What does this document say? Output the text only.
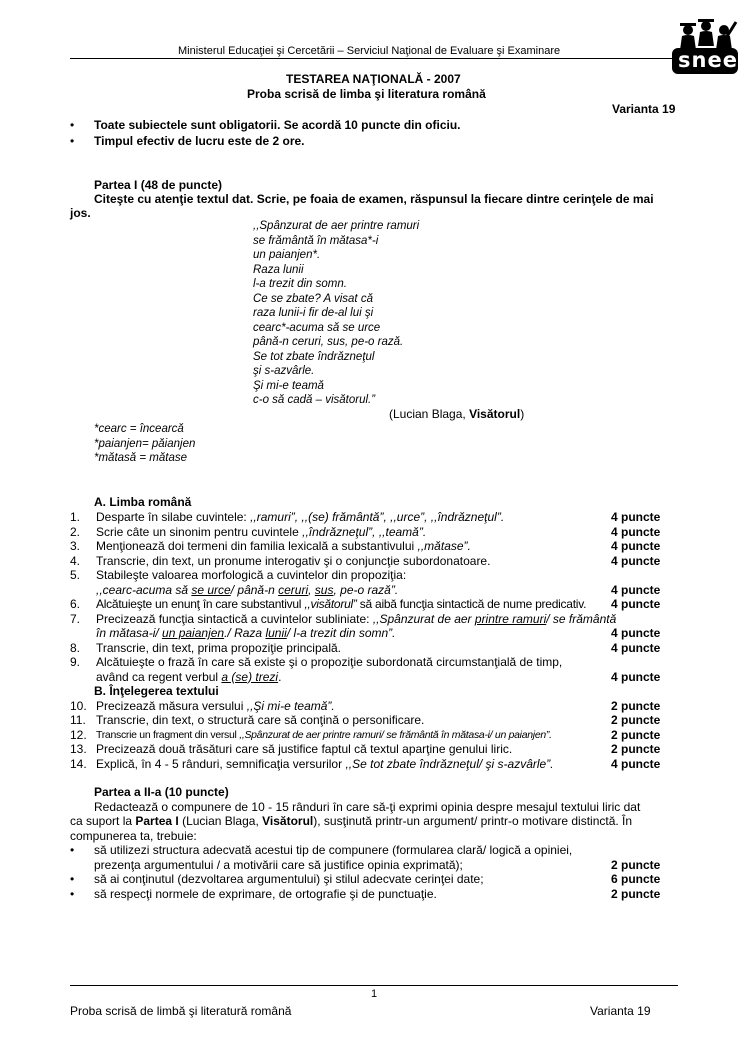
Ministerul Educaţiei şi Cercetării – Serviciul Naţional de Evaluare şi Examinare	snee
TESTAREA NAŢIONALĂ - 2007
Proba scrisă de limba şi literatura română
Varianta 19
• Toate subiectele sunt obligatorii. Se acordă 10 puncte din oficiu.
• Timpul efectiv de lucru este de 2 ore.
Partea I (48 de puncte)
Citeşte cu atenţie textul dat. Scrie, pe foaia de examen, răspunsul la fiecare dintre cerinţele de mai
jos.
,,Spânzurat de aer printre ramuri
se frământă în mătasa*-i
un paianjen*.
Raza lunii
l-a trezit din somn.
Ce se zbate? A visat că
raza lunii-i fir de-al lui şi
cearc*-acuma să se urce
până-n ceruri, sus, pe-o rază.
Se tot zbate îndrăzneţul
şi s-azvârle.
Şi mi-e teamă
c-o să cadă – visătorul.”
(Lucian Blaga, Visătorul)
*cearc = încearcă
*paianjen= păianjen
*mătasă = mătase
A. Limba română
1. Desparte în silabe cuvintele: ,,ramuri”, ,,(se) frământă”, ,,urce”, ,,îndrăzneţul”.	4 puncte
2. Scrie câte un sinonim pentru cuvintele ,,îndrăzneţul”, ,,teamă”.	4 puncte
3. Menţionează doi termeni din familia lexicală a substantivului ,,mătase”.	4 puncte
4. Transcrie, din text, un pronume interogativ şi o conjuncţie subordonatoare.	4 puncte
5. Stabileşte valoarea morfologică a cuvintelor din propoziţia:
,,cearc-acuma să se urce/ până-n ceruri, sus, pe-o rază”.	4 puncte
6. Alcătuieşte un enunţ în care substantivul ,,visătorul” să aibă funcţia sintactică de nume predicativ. 4 puncte
7. Precizează funcţia sintactică a cuvintelor subliniate: ,,Spânzurat de aer printre ramuri/ se frământă
în mătasa-i/ un paianjen./ Raza lunii/ l-a trezit din somn”.	4 puncte
8. Transcrie, din text, prima propoziţie principală.	4 puncte
9. Alcătuieşte o frază în care să existe şi o propoziţie subordonată circumstanţială de timp,
având ca regent verbul a (se) trezi.	4 puncte
B. Înţelegerea textului
10. Precizează măsura versului ,,Şi mi-e teamă”.	2 puncte
11. Transcrie, din text, o structură care să conţină o personificare.	2 puncte
12. Transcrie un fragment din versul ,,Spânzurat de aer printre ramuri/ se frământă în mătasa-i/ un paianjen”.	2 puncte
13. Precizează două trăsături care să justifice faptul că textul aparţine genului liric.	2 puncte
14. Explică, în 4 - 5 rânduri, semnificaţia versurilor ,,Se tot zbate îndrăzneţul/ şi s-azvârle”.	4 puncte
Partea a II-a (10 puncte)
Redactează o compunere de 10 - 15 rânduri în care să-ţi exprimi opinia despre mesajul textului liric dat
ca suport la Partea I (Lucian Blaga, Visătorul), susţinută printr-un argument/ printr-o motivare distinctă. În
compunerea ta, trebuie:
• să utilizezi structura adecvată acestui tip de compunere (formularea clară/ logică a opiniei,
prezenţa argumentului / a motivării care să justifice opinia exprimată);	2 puncte
• să ai conţinutul (dezvoltarea argumentului) şi stilul adecvate cerinţei date;	6 puncte
• să respecţi normele de exprimare, de ortografie şi de punctuaţie.	2 puncte
1
Proba scrisă de limbă şi literatură română	Varianta 19
